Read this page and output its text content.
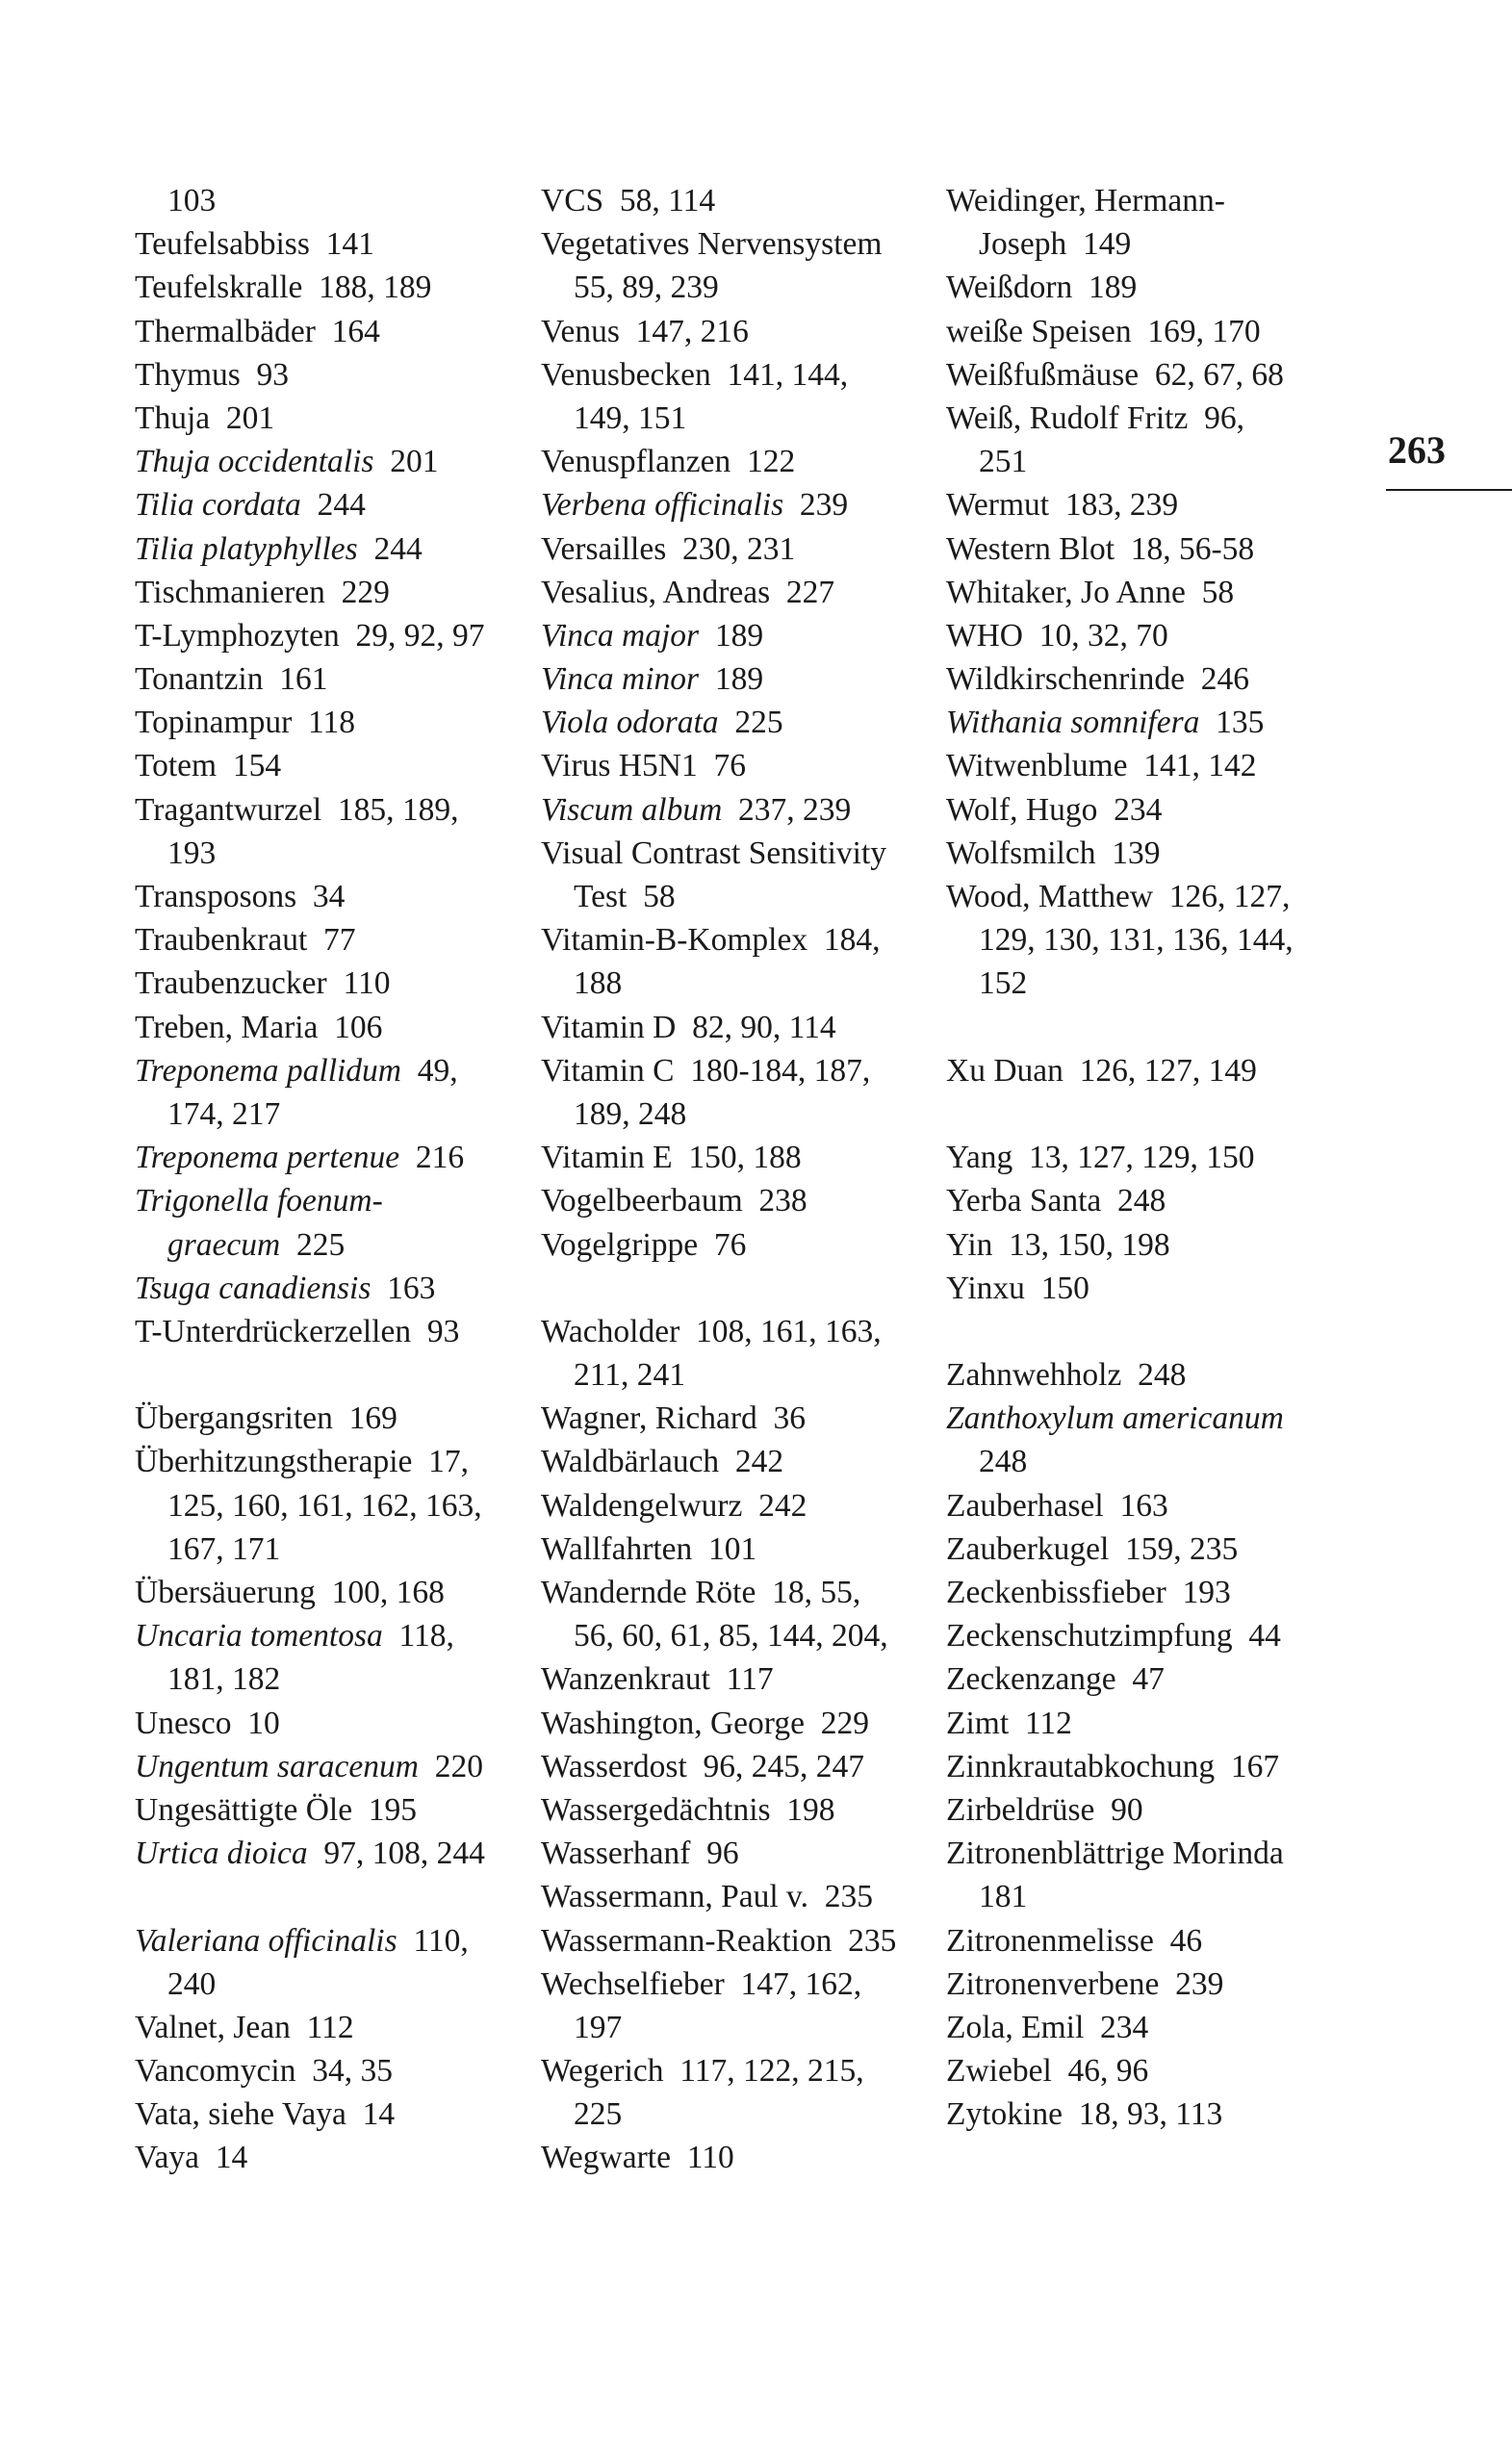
103
Teufelsabbiss  141
Teufelskralle  188, 189
Thermalbäder  164
Thymus  93
Thuja  201
Thuja occidentalis  201
Tilia cordata  244
Tilia platyphylles  244
Tischmanieren  229
T-Lymphozyten  29, 92, 97
Tonantzin  161
Topinampur  118
Totem  154
Tragantwurzel  185, 189,
193
Transposons  34
Traubenkraut  77
Traubenzucker  110
Treben, Maria  106
Treponema pallidum  49,
174, 217
Treponema pertenue  216
Trigonella foenum-
graecum  225
Tsuga canadiensis  163
T-Unterdrückerzellen  93
Übergangsriten  169
Überhitzungstherapie  17,
125, 160, 161, 162, 163,
167, 171
Übersäuerung  100, 168
Uncaria tomentosa  118,
181, 182
Unesco  10
Ungentum saracenum  220
Ungesättigte Öle  195
Urtica dioica  97, 108, 244
Valeriana officinalis  110,
240
Valnet, Jean  112
Vancomycin  34, 35
Vata, siehe Vaya  14
Vaya  14
VCS  58, 114
Vegetatives Nervensystem
55, 89, 239
Venus  147, 216
Venusbecken  141, 144,
149, 151
Venuspflanzen  122
Verbena officinalis  239
Versailles  230, 231
Vesalius, Andreas  227
Vinca major  189
Vinca minor  189
Viola odorata  225
Virus H5N1  76
Viscum album  237, 239
Visual Contrast Sensitivity
Test  58
Vitamin-B-Komplex  184,
188
Vitamin D  82, 90, 114
Vitamin C  180-184, 187,
189, 248
Vitamin E  150, 188
Vogelbeerbaum  238
Vogelgrippe  76
Wacholder  108, 161, 163,
211, 241
Wagner, Richard  36
Waldbärlauch  242
Waldengelwurz  242
Wallfahrten  101
Wandernde Röte  18, 55,
56, 60, 61, 85, 144, 204,
Wanzenkraut  117
Washington, George  229
Wasserdost  96, 245, 247
Wassergedächtnis  198
Wasserhanf  96
Wassermann, Paul v.  235
Wassermann-Reaktion  235
Wechselfieber  147, 162,
197
Wegerich  117, 122, 215,
225
Wegwarte  110
Weidinger, Hermann-
Joseph  149
Weißdorn  189
weiße Speisen  169, 170
Weißfußmäuse  62, 67, 68
Weiß, Rudolf Fritz  96,
251
Wermut  183, 239
Western Blot  18, 56-58
Whitaker, Jo Anne  58
WHO  10, 32, 70
Wildkirschenrinde  246
Withania somnifera  135
Witwenblume  141, 142
Wolf, Hugo  234
Wolfsmilch  139
Wood, Matthew  126, 127,
129, 130, 131, 136, 144,
152
Xu Duan  126, 127, 149
Yang  13, 127, 129, 150
Yerba Santa  248
Yin  13, 150, 198
Yinxu  150
Zahnwehholz  248
Zanthoxylum americanum
248
Zauberhasel  163
Zauberkugel  159, 235
Zeckenbissfieber  193
Zeckenschutzimpfung  44
Zeckenzange  47
Zimt  112
Zinnkrautabkochung  167
Zirbeldrüse  90
Zitronenblättrige Morinda
181
Zitronenmelisse  46
Zitronenverbene  239
Zola, Emil  234
Zwiebel  46, 96
Zytokine  18, 93, 113
263
